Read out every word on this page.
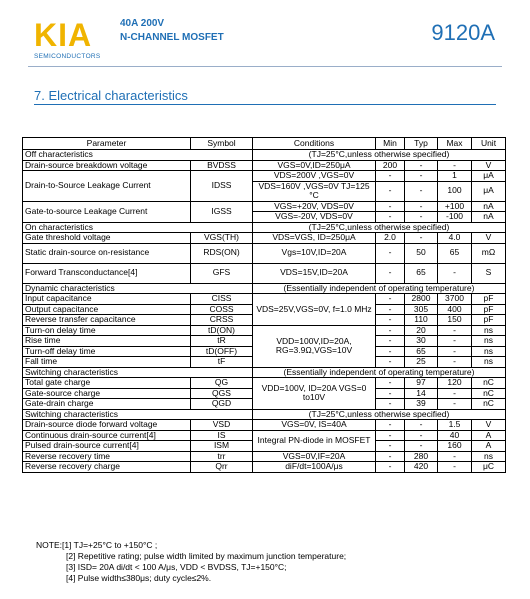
KIA
SEMICONDUCTORS
40A 200V
N-CHANNEL MOSFET	9120A
7. Electrical characteristics
Parameter	Symbol	Conditions	Min	Typ	Max	Unit
Off characteristics		(TJ=25°C,unless otherwise specified)				
Drain-source breakdown voltage	BVDSS	VGS=0V,ID=250μA	200	-	-	V
Drain-to-Source Leakage Current	IDSS	VDS=200V ,VGS=0V	-	-	1	μA
		VDS=160V ,VGS=0V TJ=125 °C	-	-	100	μA
Gate-to-source Leakage Current	IGSS	VGS=+20V, VDS=0V	-	-	+100	nA
		VGS=-20V, VDS=0V	-	-	-100	nA
On characteristics		(TJ=25°C,unless otherwise specified)				
Gate threshold voltage	VGS(TH)	VDS=VGS, ID=250μA	2.0	-	4.0	V
Static drain-source on-resistance	RDS(ON)	Vgs=10V,ID=20A	-	50	65	mΩ
Forward Transconductance[4]	GFS	VDS=15V,ID=20A	-	65	-	S
Dynamic characteristics		(Essentially independent of operating temperature)				
Input capacitance	CISS	VDS=25V,VGS=0V, f=1.0 MHz	-	2800	3700	pF
Output capacitance	COSS		-	305	400	pF
Reverse transfer capacitance	CRSS		-	110	150	pF
Turn-on delay time	tD(ON)	VDD=100V,ID=20A, RG=3.9Ω,VGS=10V	-	20	-	ns
Rise time	tR		-	30	-	ns
Turn-off delay time	tD(OFF)		-	65	-	ns
Fall time	tF		-	25	-	ns
Switching characteristics		(Essentially independent of operating temperature)				
Total gate charge	QG	VDD=100V, ID=20A VGS=0 to10V	-	97	120	nC
Gate-source charge	QGS		-	14	-	nC
Gate-drain charge	QGD		-	39	-	nC
Switching characteristics		(TJ=25°C,unless otherwise specified)				
Drain-source diode forward voltage	VSD	VGS=0V, IS=40A	-	-	1.5	V
Continuous drain-source current[4]	IS	Integral PN-diode in MOSFET	-	-	40	A
Pulsed drain-source current[4]	ISM		-	-	160	A
Reverse recovery time	trr	VGS=0V,IF=20A	-	280	-	ns
Reverse recovery charge	Qrr	diF/dt=100A/μs	-	420	-	μC
NOTE:[1] TJ=+25°C to +150°C ;
[2] Repetitive rating; pulse width limited by maximum junction temperature;
[3] ISD= 20A di/dt < 100 A/μs, VDD < BVDSS, TJ=+150°C;
[4] Pulse width≤380μs; duty cycle≤2%.
